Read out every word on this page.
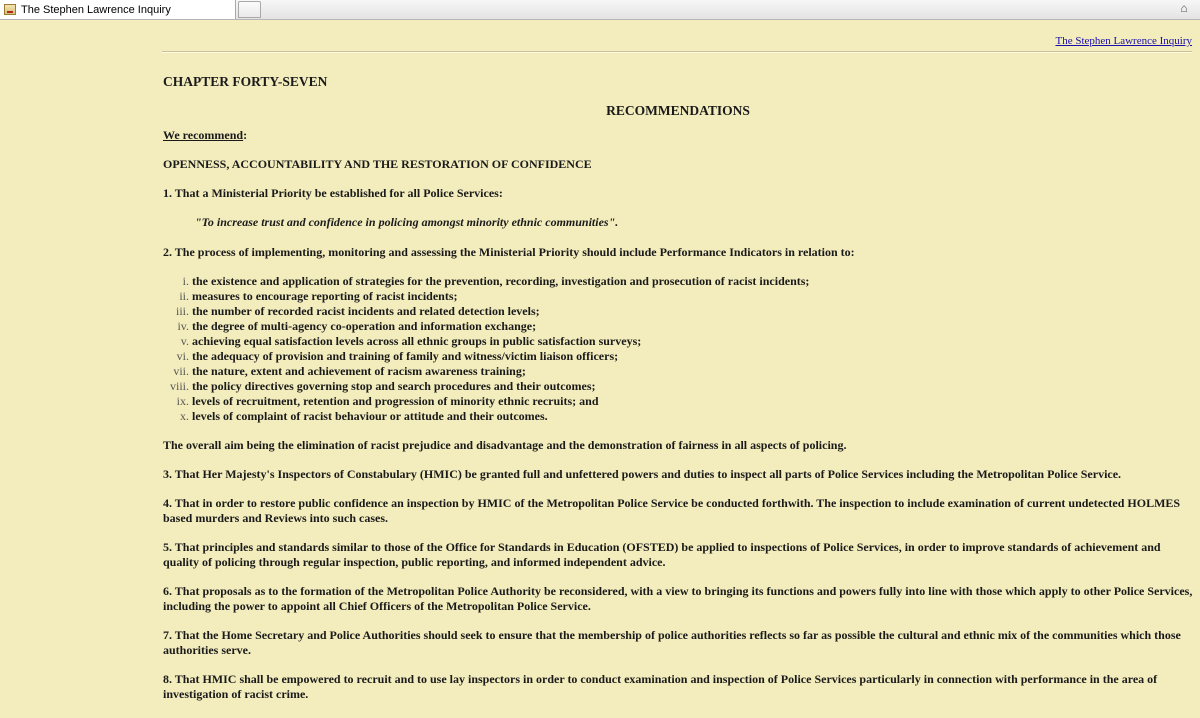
The Stephen Lawrence Inquiry	⌂
The Stephen Lawrence Inquiry

CHAPTER FORTY-SEVEN

RECOMMENDATIONS

We recommend:

OPENNESS, ACCOUNTABILITY AND THE RESTORATION OF CONFIDENCE

1. That a Ministerial Priority be established for all Police Services:

"To increase trust and confidence in policing amongst minority ethnic communities".

2. The process of implementing, monitoring and assessing the Ministerial Priority should include Performance Indicators in relation to:

i. the existence and application of strategies for the prevention, recording, investigation and prosecution of racist incidents;
ii. measures to encourage reporting of racist incidents;
iii. the number of recorded racist incidents and related detection levels;
iv. the degree of multi-agency co-operation and information exchange;
v. achieving equal satisfaction levels across all ethnic groups in public satisfaction surveys;
vi. the adequacy of provision and training of family and witness/victim liaison officers;
vii. the nature, extent and achievement of racism awareness training;
viii. the policy directives governing stop and search procedures and their outcomes;
ix. levels of recruitment, retention and progression of minority ethnic recruits; and
x. levels of complaint of racist behaviour or attitude and their outcomes.

The overall aim being the elimination of racist prejudice and disadvantage and the demonstration of fairness in all aspects of policing.

3. That Her Majesty's Inspectors of Constabulary (HMIC) be granted full and unfettered powers and duties to inspect all parts of Police Services including the Metropolitan Police Service.

4. That in order to restore public confidence an inspection by HMIC of the Metropolitan Police Service be conducted forthwith. The inspection to include examination of current undetected HOLMES based murders and Reviews into such cases.

5. That principles and standards similar to those of the Office for Standards in Education (OFSTED) be applied to inspections of Police Services, in order to improve standards of achievement and quality of policing through regular inspection, public reporting, and informed independent advice.

6. That proposals as to the formation of the Metropolitan Police Authority be reconsidered, with a view to bringing its functions and powers fully into line with those which apply to other Police Services, including the power to appoint all Chief Officers of the Metropolitan Police Service.

7. That the Home Secretary and Police Authorities should seek to ensure that the membership of police authorities reflects so far as possible the cultural and ethnic mix of the communities which those authorities serve.

8. That HMIC shall be empowered to recruit and to use lay inspectors in order to conduct examination and inspection of Police Services particularly in connection with performance in the area of investigation of racist crime.
